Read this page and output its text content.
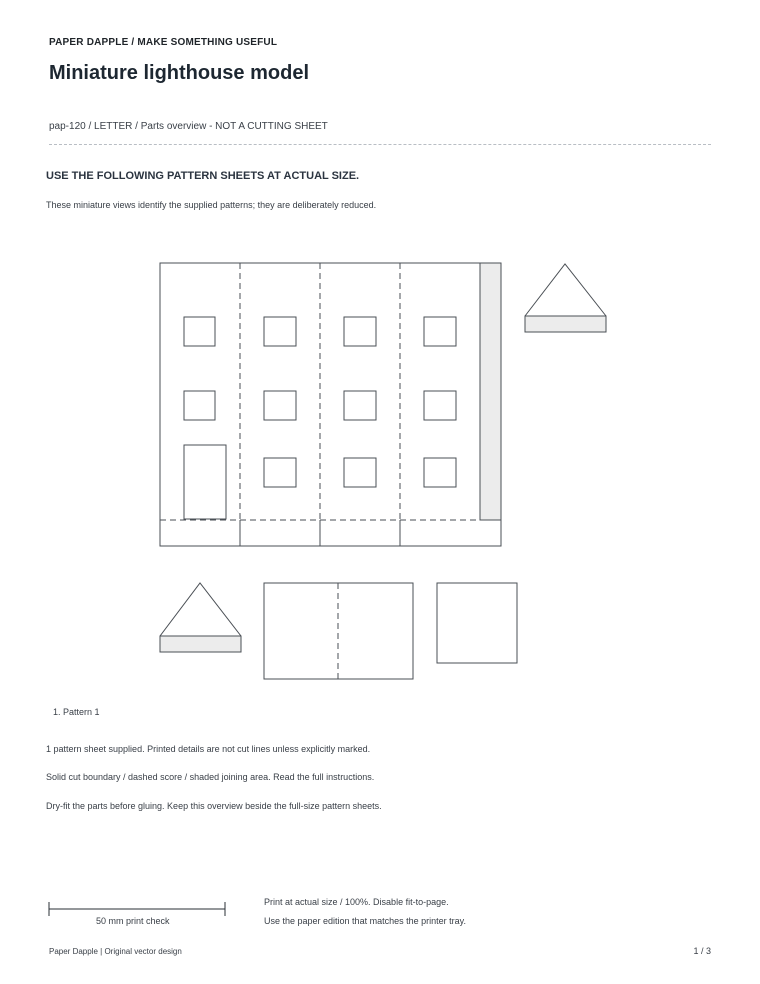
PAPER DAPPLE / MAKE SOMETHING USEFUL
Miniature lighthouse model
pap-120 / LETTER / Parts overview - NOT A CUTTING SHEET
USE THE FOLLOWING PATTERN SHEETS AT ACTUAL SIZE.
These miniature views identify the supplied patterns; they are deliberately reduced.
1. Pattern 1
1 pattern sheet supplied. Printed details are not cut lines unless explicitly marked.
Solid cut boundary / dashed score / shaded joining area. Read the full instructions.
Dry-fit the parts before gluing. Keep this overview beside the full-size pattern sheets.
50 mm print check
Print at actual size / 100%. Disable fit-to-page.
Use the paper edition that matches the printer tray.
Paper Dapple | Original vector design	1 / 3
